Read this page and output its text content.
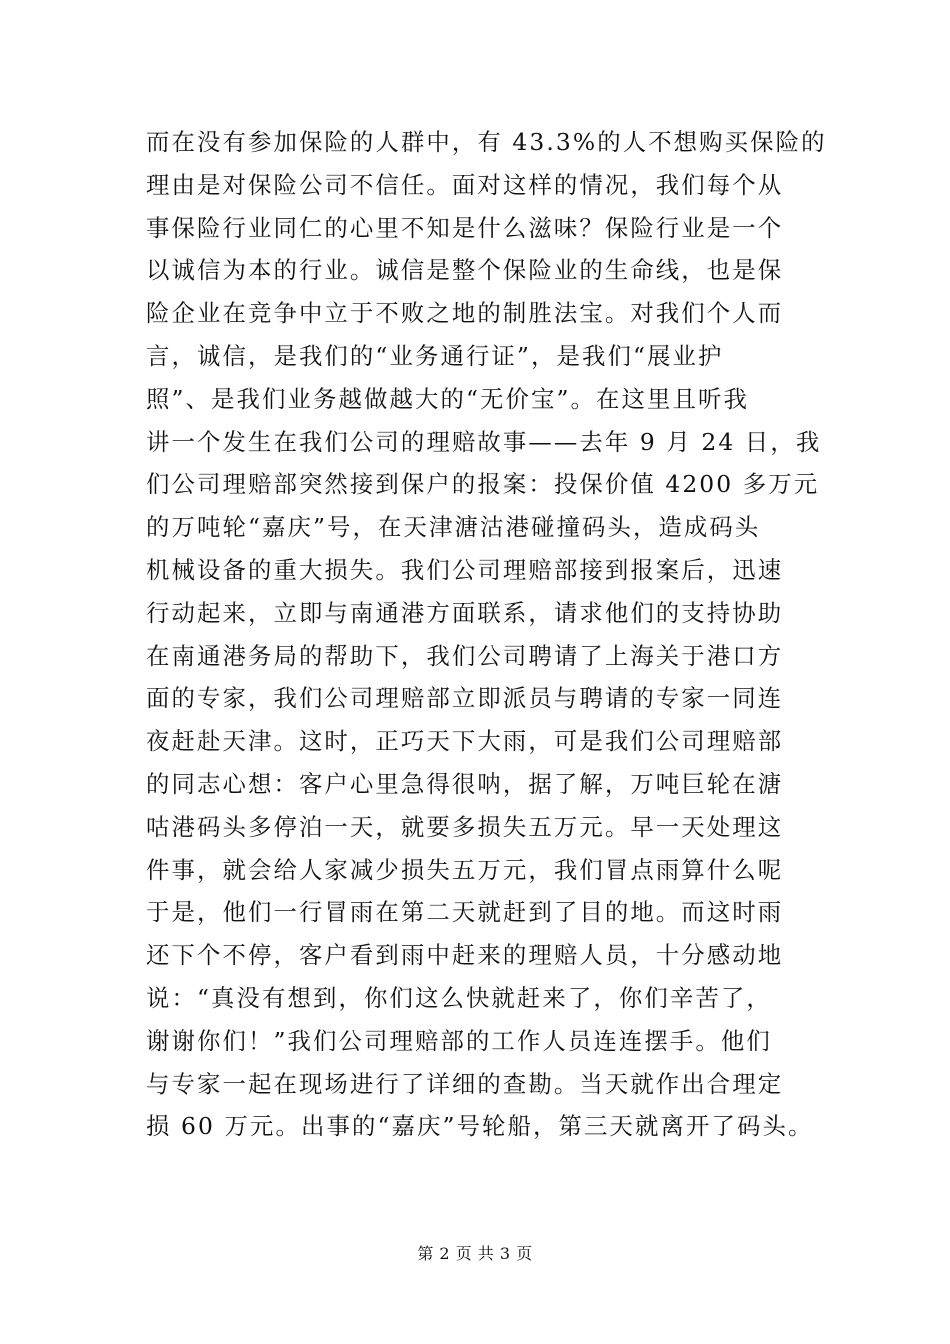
而在没有参加保险的人群中，有 43.3%的人不想购买保险的
理由是对保险公司不信任。面对这样的情况，我们每个从
事保险行业同仁的心里不知是什么滋味？保险行业是一个
以诚信为本的行业。诚信是整个保险业的生命线，也是保
险企业在竞争中立于不败之地的制胜法宝。对我们个人而
言，诚信，是我们的“业务通行证”，是我们“展业护
照”、是我们业务越做越大的“无价宝”。在这里且听我
讲一个发生在我们公司的理赔故事——去年 9 月 24 日，我
们公司理赔部突然接到保户的报案：投保价值 4200 多万元
的万吨轮“嘉庆”号，在天津溏沽港碰撞码头，造成码头
机械设备的重大损失。我们公司理赔部接到报案后，迅速
行动起来，立即与南通港方面联系，请求他们的支持协助
在南通港务局的帮助下，我们公司聘请了上海关于港口方
面的专家，我们公司理赔部立即派员与聘请的专家一同连
夜赶赴天津。这时，正巧天下大雨，可是我们公司理赔部
的同志心想：客户心里急得很呐，据了解，万吨巨轮在溏
咕港码头多停泊一天，就要多损失五万元。早一天处理这
件事，就会给人家减少损失五万元，我们冒点雨算什么呢
于是，他们一行冒雨在第二天就赶到了目的地。而这时雨
还下个不停，客户看到雨中赶来的理赔人员，十分感动地
说：“真没有想到，你们这么快就赶来了，你们辛苦了，
谢谢你们！”我们公司理赔部的工作人员连连摆手。他们
与专家一起在现场进行了详细的查勘。当天就作出合理定
损 60 万元。出事的“嘉庆”号轮船，第三天就离开了码头。
第 2 页 共 3 页
